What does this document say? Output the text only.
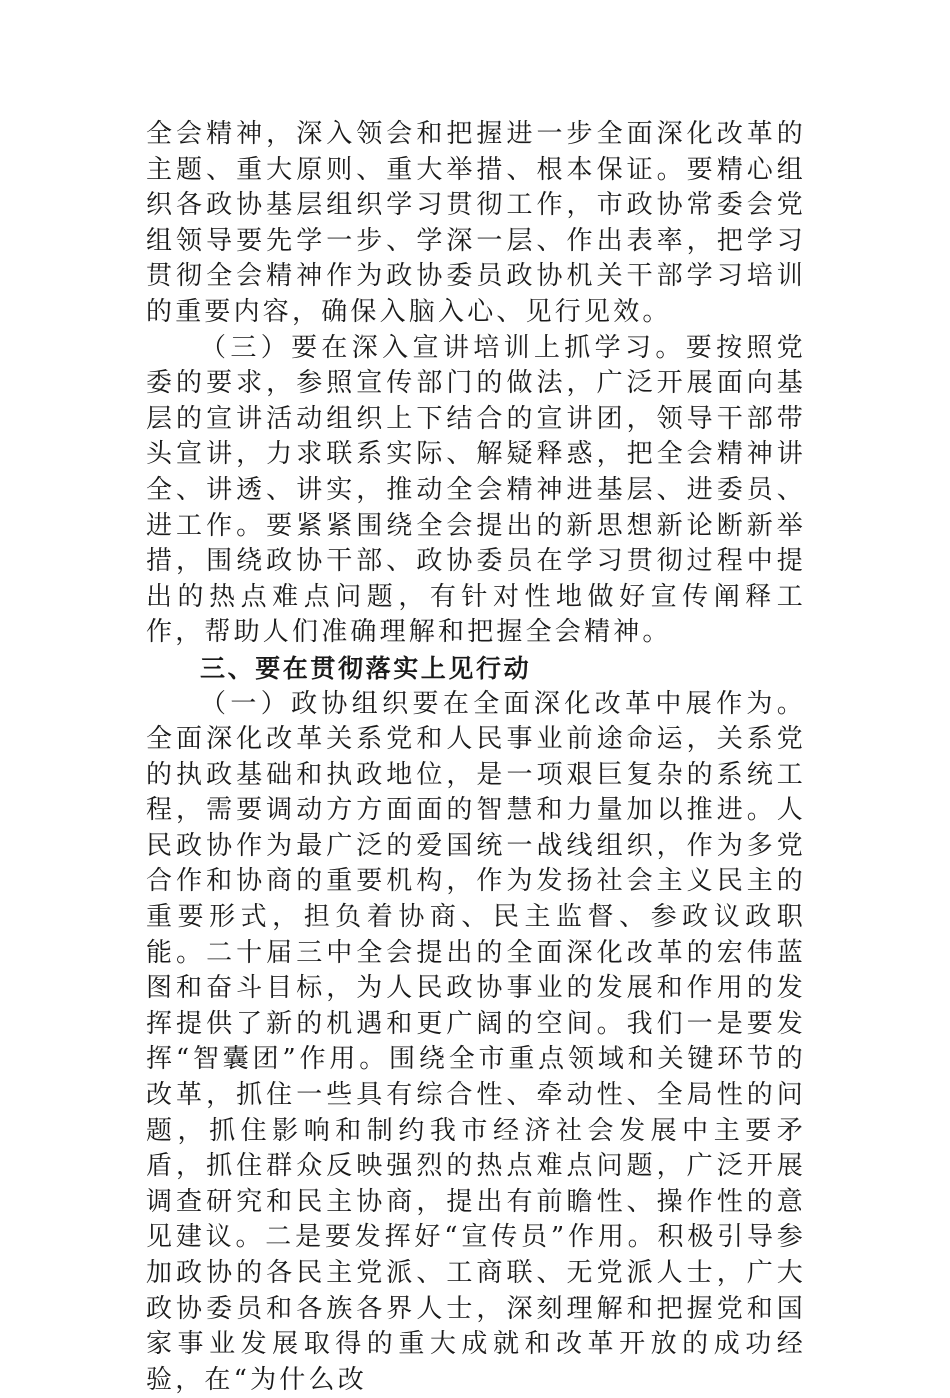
全会精神，深入领会和把握进一步全面深化改革的主题、重大原则、重大举措、根本保证。要精心组织各政协基层组织学习贯彻工作，市政协常委会党组领导要先学一步、学深一层、作出表率，把学习贯彻全会精神作为政协委员政协机关干部学习培训的重要内容，确保入脑入心、见行见效。

（三）要在深入宣讲培训上抓学习。要按照党委的要求，参照宣传部门的做法，广泛开展面向基层的宣讲活动组织上下结合的宣讲团，领导干部带头宣讲，力求联系实际、解疑释惑，把全会精神讲全、讲透、讲实，推动全会精神进基层、进委员、进工作。要紧紧围绕全会提出的新思想新论断新举措，围绕政协干部、政协委员在学习贯彻过程中提出的热点难点问题，有针对性地做好宣传阐释工作，帮助人们准确理解和把握全会精神。

三、要在贯彻落实上见行动

（一）政协组织要在全面深化改革中展作为。全面深化改革关系党和人民事业前途命运，关系党的执政基础和执政地位，是一项艰巨复杂的系统工程，需要调动方方面面的智慧和力量加以推进。人民政协作为最广泛的爱国统一战线组织，作为多党合作和协商的重要机构，作为发扬社会主义民主的重要形式，担负着协商、民主监督、参政议政职能。二十届三中全会提出的全面深化改革的宏伟蓝图和奋斗目标，为人民政协事业的发展和作用的发挥提供了新的机遇和更广阔的空间。我们一是要发挥“智囊团”作用。围绕全市重点领域和关键环节的改革，抓住一些具有综合性、牵动性、全局性的问题，抓住影响和制约我市经济社会发展中主要矛盾，抓住群众反映强烈的热点难点问题，广泛开展调查研究和民主协商，提出有前瞻性、操作性的意见建议。二是要发挥好“宣传员”作用。积极引导参加政协的各民主党派、工商联、无党派人士，广大政协委员和各族各界人士，深刻理解和把握党和国家事业发展取得的重大成就和改革开放的成功经验，在“为什么改
